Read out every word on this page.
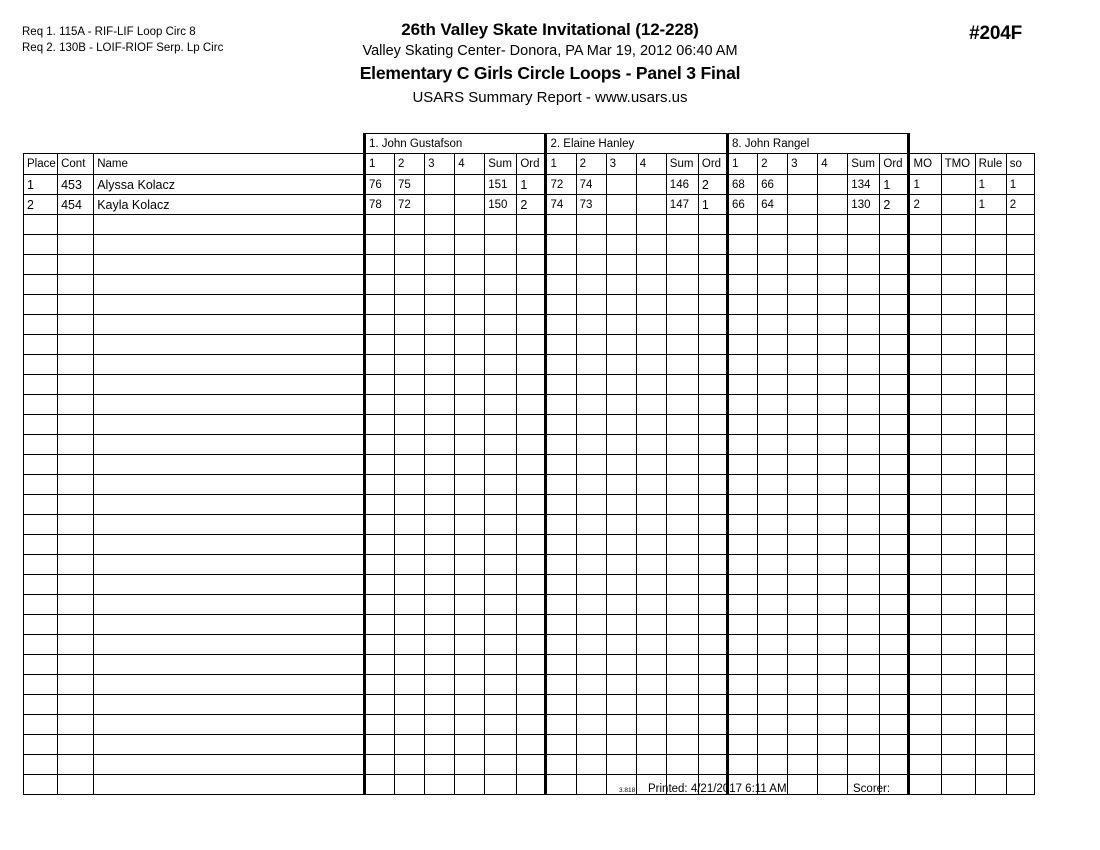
Req 1. 115A - RIF-LIF Loop Circ 8
Req 2. 130B - LOIF-RIOF Serp. Lp Circ
#204F
26th Valley Skate Invitational (12-228)
Valley Skating Center- Donora, PA Mar 19, 2012 06:40 AM
Elementary C Girls Circle Loops - Panel 3 Final
USARS Summary Report - www.usars.us
			1. John Gustafson						2. Elaine Hanley						8. John Rangel									
Place	Cont	Name	1	2	3	4	Sum	Ord	1	2	3	4	Sum	Ord	1	2	3	4	Sum	Ord	MO	TMO	Rule	so
1	453	Alyssa Kolacz	76	75			151	1	72	74			146	2	68	66			134	1	1		1	1
2	454	Kayla Kolacz	78	72			150	2	74	73			147	1	66	64			130	2	2		1	2

3.818 Printed: 4/21/2017 6:11 AM	Scorer:
